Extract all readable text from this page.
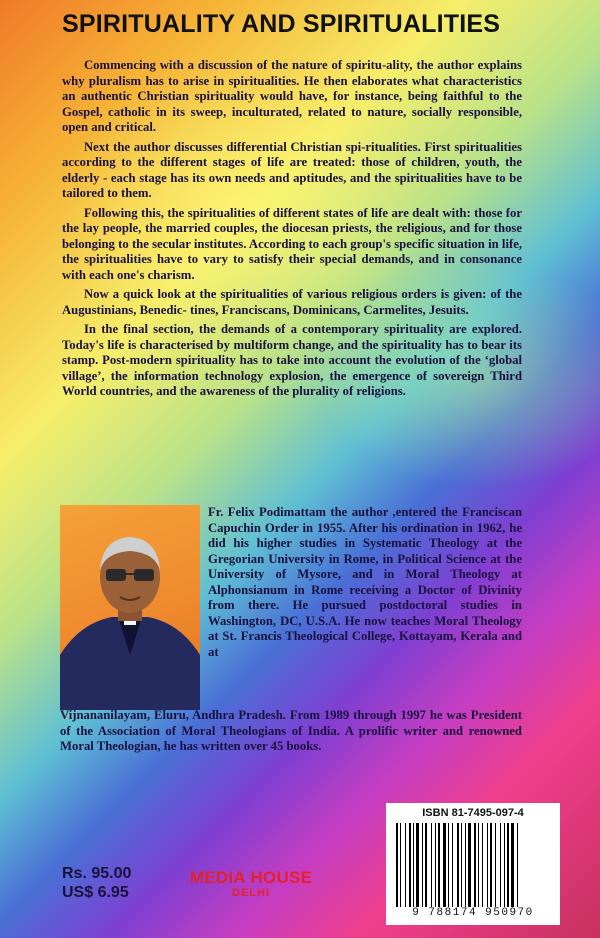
SPIRITUALITY AND SPIRITUALITIES

Commencing with a discussion of the nature of spiritu-ality, the author explains why pluralism has to arise in spiritualities. He then elaborates what characteristics an authentic Christian spirituality would have, for instance, being faithful to the Gospel, catholic in its sweep, inculturated, related to nature, socially responsible, open and critical.

Next the author discusses differential Christian spi-ritualities. First spiritualities according to the different stages of life are treated: those of children, youth, the elderly - each stage has its own needs and aptitudes, and the spiritualities have to be tailored to them.

Following this, the spiritualities of different states of life are dealt with: those for the lay people, the married couples, the diocesan priests, the religious, and for those belonging to the secular institutes. According to each group's specific situation in life, the spiritualities have to vary to satisfy their special demands, and in consonance with each one's charism.

Now a quick look at the spiritualities of various religious orders is given: of the Augustinians, Benedic- tines, Franciscans, Dominicans, Carmelites, Jesuits.

In the final section, the demands of a contemporary spirituality are explored. Today's life is characterised by multiform change, and the spirituality has to bear its stamp. Post-modern spirituality has to take into account the evolution of the ‘global village’, the information technology explosion, the emergence of sovereign Third World countries, and the awareness of the plurality of religions.

Fr. Felix Podimattam the author ,entered the Franciscan Capuchin Order in 1955. After his ordination in 1962, he did his higher studies in Systematic Theology at the Gregorian University in Rome, in Political Science at the University of Mysore, and in Moral Theology at Alphonsianum in Rome receiving a Doctor of Divinity from there. He pursued postdoctoral studies in Washington, DC, U.S.A. He now teaches Moral Theology at St. Francis Theological College, Kottayam, Kerala and at

Vijnananilayam, Eluru, Andhra Pradesh. From 1989 through 1997 he was President of the Association of Moral Theologians of India. A prolific writer and renowned Moral Theologian, he has written over 45 books.

Rs. 95.00
US$ 6.95
MEDIA HOUSE
DELHI
ISBN 81-7495-097-4
9 788174 950970
